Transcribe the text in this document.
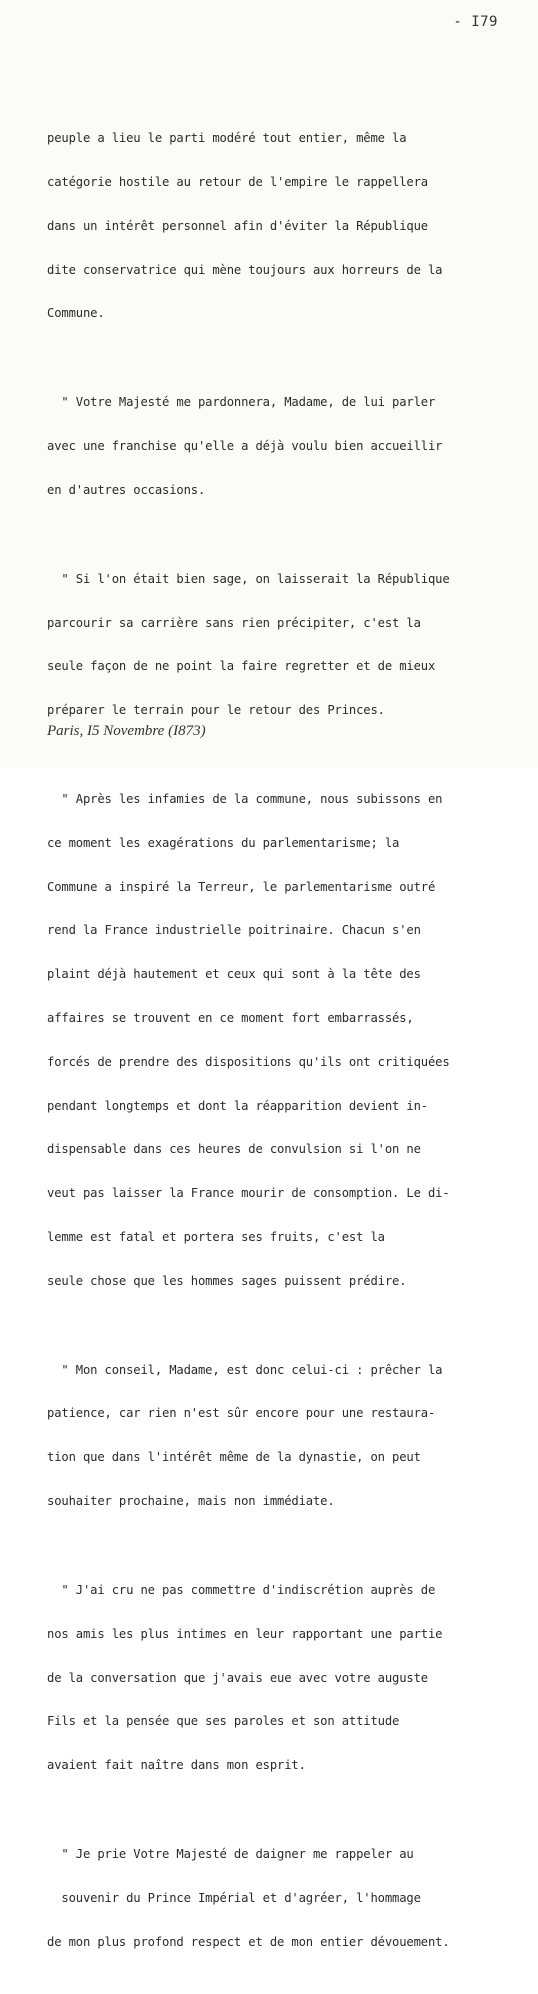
- I79

peuple a lieu le parti modéré tout entier, même la

catégorie hostile au retour de l'empire le rappellera

dans un intérêt personnel afin d'éviter la République

dite conservatrice qui mène toujours aux horreurs de la

Commune.

" Votre Majesté me pardonnera, Madame, de lui parler

avec une franchise qu'elle a déjà voulu bien accueillir

en d'autres occasions.

" Si l'on était bien sage, on laisserait la République

parcourir sa carrière sans rien précipiter, c'est la

seule façon de ne point la faire regretter et de mieux

préparer le terrain pour le retour des Princes.

" Après les infamies de la commune, nous subissons en

ce moment les exagérations du parlementarisme; la

Commune a inspiré la Terreur, le parlementarisme outré

rend la France industrielle poitrinaire. Chacun s'en

plaint déjà hautement et ceux qui sont à la tête des

affaires se trouvent en ce moment fort embarrassés,

forcés de prendre des dispositions qu'ils ont critiquées

pendant longtemps et dont la réapparition devient in-

dispensable dans ces heures de convulsion si l'on ne

veut pas laisser la France mourir de consomption. Le di-

lemme est fatal et portera ses fruits, c'est la

seule chose que les hommes sages puissent prédire.

" Mon conseil, Madame, est donc celui-ci : prêcher la

patience, car rien n'est sûr encore pour une restaura-

tion que dans l'intérêt même de la dynastie, on peut

souhaiter prochaine, mais non immédiate.

" J'ai cru ne pas commettre d'indiscrétion auprès de

nos amis les plus intimes en leur rapportant une partie

de la conversation que j'avais eue avec votre auguste

Fils et la pensée que ses paroles et son attitude

avaient fait naître dans mon esprit.

" Je prie Votre Majesté de daigner me rappeler au

souvenir du Prince Impérial et d'agréer, l'hommage

de mon plus profond respect et de mon entier dévouement.

Paris, I5 Novembre (I873)
